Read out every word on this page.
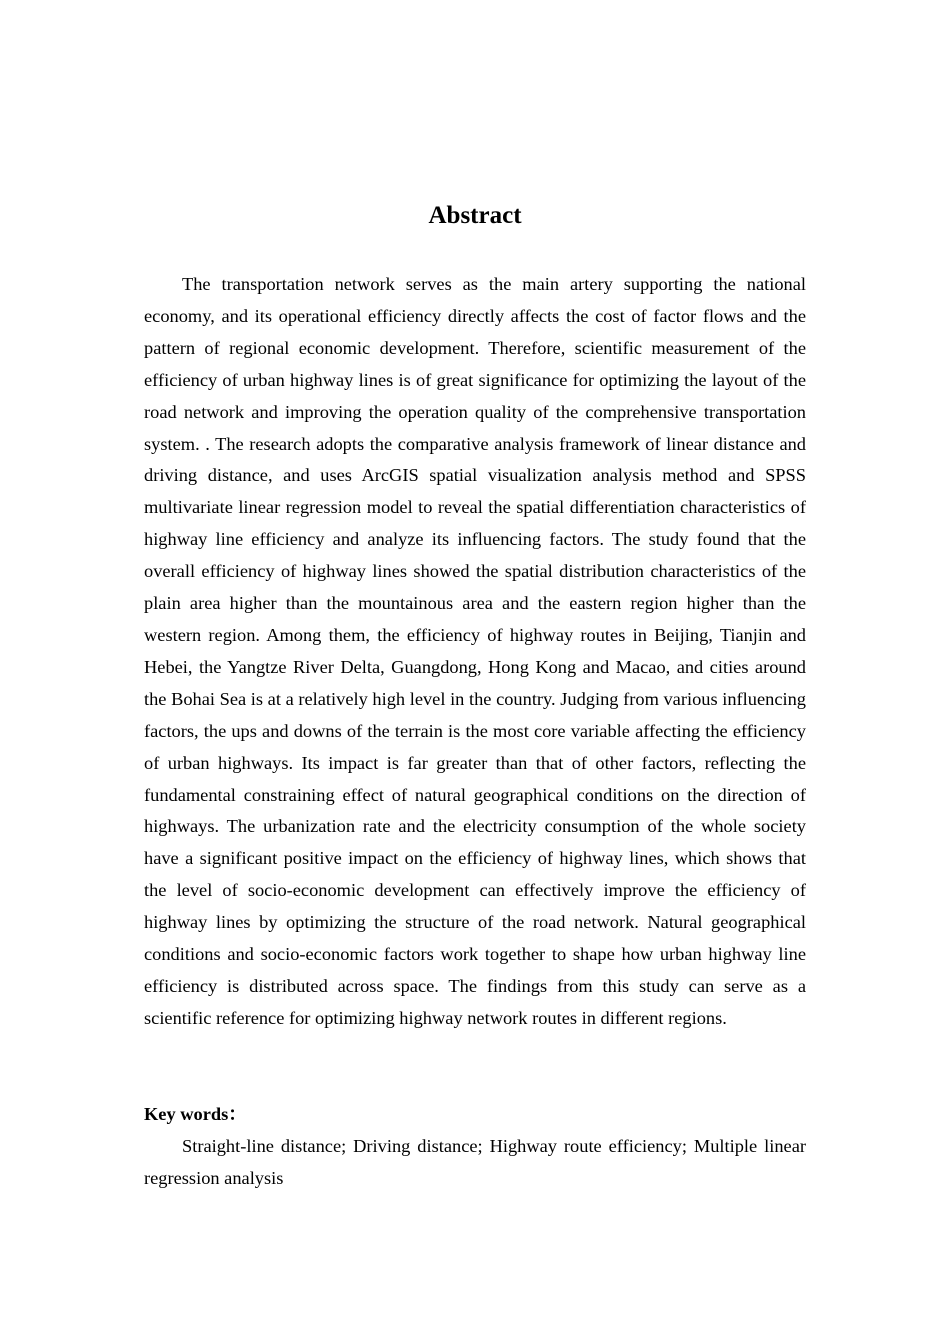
Abstract

The transportation network serves as the main artery supporting the national economy, and its operational efficiency directly affects the cost of factor flows and the pattern of regional economic development. Therefore, scientific measurement of the efficiency of urban highway lines is of great significance for optimizing the layout of the road network and improving the operation quality of the comprehensive transportation system. . The research adopts the comparative analysis framework of linear distance and driving distance, and uses ArcGIS spatial visualization analysis method and SPSS multivariate linear regression model to reveal the spatial differentiation characteristics of highway line efficiency and analyze its influencing factors. The study found that the overall efficiency of highway lines showed the spatial distribution characteristics of the plain area higher than the mountainous area and the eastern region higher than the western region. Among them, the efficiency of highway routes in Beijing, Tianjin and Hebei, the Yangtze River Delta, Guangdong, Hong Kong and Macao, and cities around the Bohai Sea is at a relatively high level in the country. Judging from various influencing factors, the ups and downs of the terrain is the most core variable affecting the efficiency of urban highways. Its impact is far greater than that of other factors, reflecting the fundamental constraining effect of natural geographical conditions on the direction of highways. The urbanization rate and the electricity consumption of the whole society have a significant positive impact on the efficiency of highway lines, which shows that the level of socio-economic development can effectively improve the efficiency of highway lines by optimizing the structure of the road network. Natural geographical conditions and socio-economic factors work together to shape how urban highway line efficiency is distributed across space. The findings from this study can serve as a scientific reference for optimizing highway network routes in different regions.

Key words：

Straight-line distance; Driving distance; Highway route efficiency; Multiple linear regression analysis
